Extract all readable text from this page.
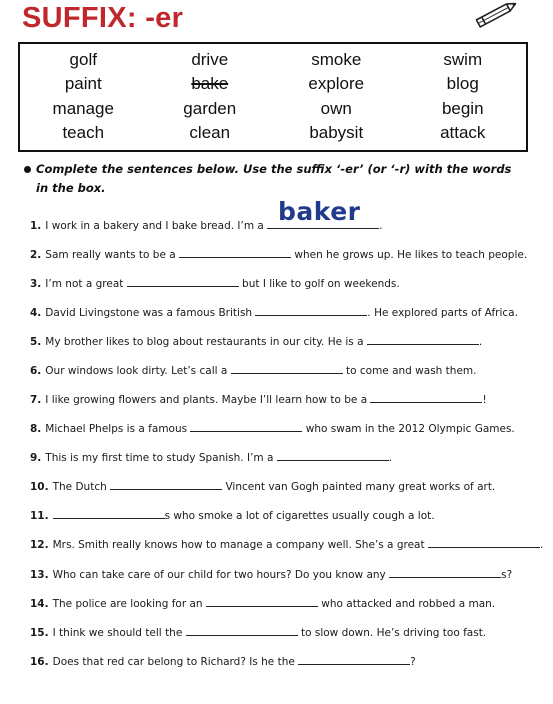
SUFFIX: -er
golf	drive	smoke	swim
paint	bake	explore	blog
manage	garden	own	begin
teach	clean	babysit	attack
Complete the sentences below. Use the suffix ‘-er’ (or ‘-r) with the words in the box.
baker
1. I work in a bakery and I bake bread. I’m a	.
2. Sam really wants to be a	when he grows up. He likes to teach people.
3. I’m not a great	but I like to golf on weekends.
4. David Livingstone was a famous British	. He explored parts of Africa.
5. My brother likes to blog about restaurants in our city. He is a	.
6. Our windows look dirty. Let’s call a	to come and wash them.
7. I like growing flowers and plants. Maybe I’ll learn how to be a	!
8. Michael Phelps is a famous	who swam in the 2012 Olympic Games.
9. This is my first time to study Spanish. I’m a	.
10. The Dutch	Vincent van Gogh painted many great works of art.
11.	s who smoke a lot of cigarettes usually cough a lot.
12. Mrs. Smith really knows how to manage a company well. She’s a great	.
13. Who can take care of our child for two hours? Do you know any	s?
14. The police are looking for an	who attacked and robbed a man.
15. I think we should tell the	to slow down. He’s driving too fast.
16. Does that red car belong to Richard? Is he the	?
